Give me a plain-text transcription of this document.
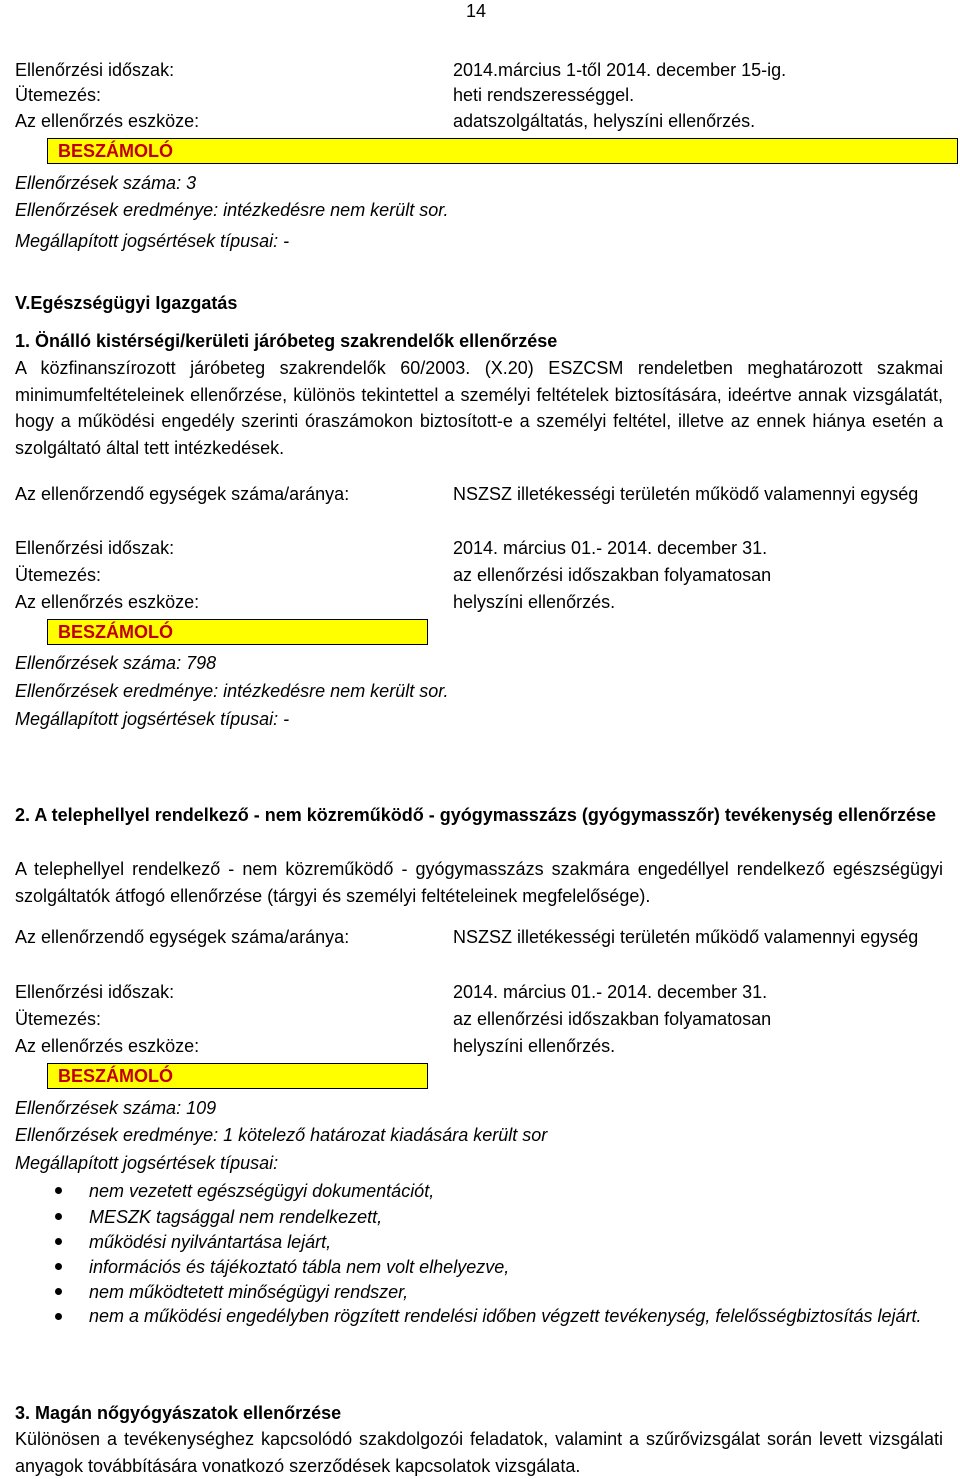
14
Ellenőrzési időszak:	2014.március 1-től 2014. december 15-ig.
Ütemezés:	heti rendszerességgel.
Az ellenőrzés eszköze:	adatszolgáltatás, helyszíni ellenőrzés.
BESZÁMOLÓ
Ellenőrzések száma: 3
Ellenőrzések eredménye: intézkedésre nem került sor.
Megállapított jogsértések típusai: -
V.Egészségügyi Igazgatás
1. Önálló kistérségi/kerületi járóbeteg szakrendelők ellenőrzése
A közfinanszírozott járóbeteg szakrendelők 60/2003. (X.20) ESZCSM rendeletben meghatározott szakmai minimumfeltételeinek ellenőrzése, különös tekintettel a személyi feltételek biztosítására, ideértve annak vizsgálatát, hogy a működési engedély szerinti óraszámokon biztosított-e a személyi feltétel, illetve az ennek hiánya esetén a szolgáltató által tett intézkedések.
Az ellenőrzendő egységek száma/aránya:	NSZSZ illetékességi területén működő valamennyi egység
Ellenőrzési időszak:	2014. március 01.- 2014. december 31.
Ütemezés:	az ellenőrzési időszakban folyamatosan
Az ellenőrzés eszköze:	helyszíni ellenőrzés.
BESZÁMOLÓ
Ellenőrzések száma: 798
Ellenőrzések eredménye: intézkedésre nem került sor.
Megállapított jogsértések típusai: -
2. A telephellyel rendelkező - nem közreműködő - gyógymasszázs (gyógymasszőr) tevékenység ellenőrzése
A telephellyel rendelkező - nem közreműködő - gyógymasszázs szakmára engedéllyel rendelkező egészségügyi szolgáltatók átfogó ellenőrzése (tárgyi és személyi feltételeinek megfelelősége).
Az ellenőrzendő egységek száma/aránya:	NSZSZ illetékességi területén működő valamennyi egység
Ellenőrzési időszak:	2014. március 01.- 2014. december 31.
Ütemezés:	az ellenőrzési időszakban folyamatosan
Az ellenőrzés eszköze:	helyszíni ellenőrzés.
BESZÁMOLÓ
Ellenőrzések száma: 109
Ellenőrzések eredménye: 1 kötelező határozat kiadására került sor
Megállapított jogsértések típusai:
nem vezetett egészségügyi dokumentációt,
MESZK tagsággal nem rendelkezett,
működési nyilvántartása lejárt,
információs és tájékoztató tábla nem volt elhelyezve,
nem működtetett minőségügyi rendszer,
nem a működési engedélyben rögzített rendelési időben végzett tevékenység, felelősségbiztosítás lejárt.
3. Magán nőgyógyászatok ellenőrzése
Különösen a tevékenységhez kapcsolódó szakdolgozói feladatok, valamint a szűrővizsgálat során levett vizsgálati anyagok továbbítására vonatkozó szerződések kapcsolatok vizsgálata.
